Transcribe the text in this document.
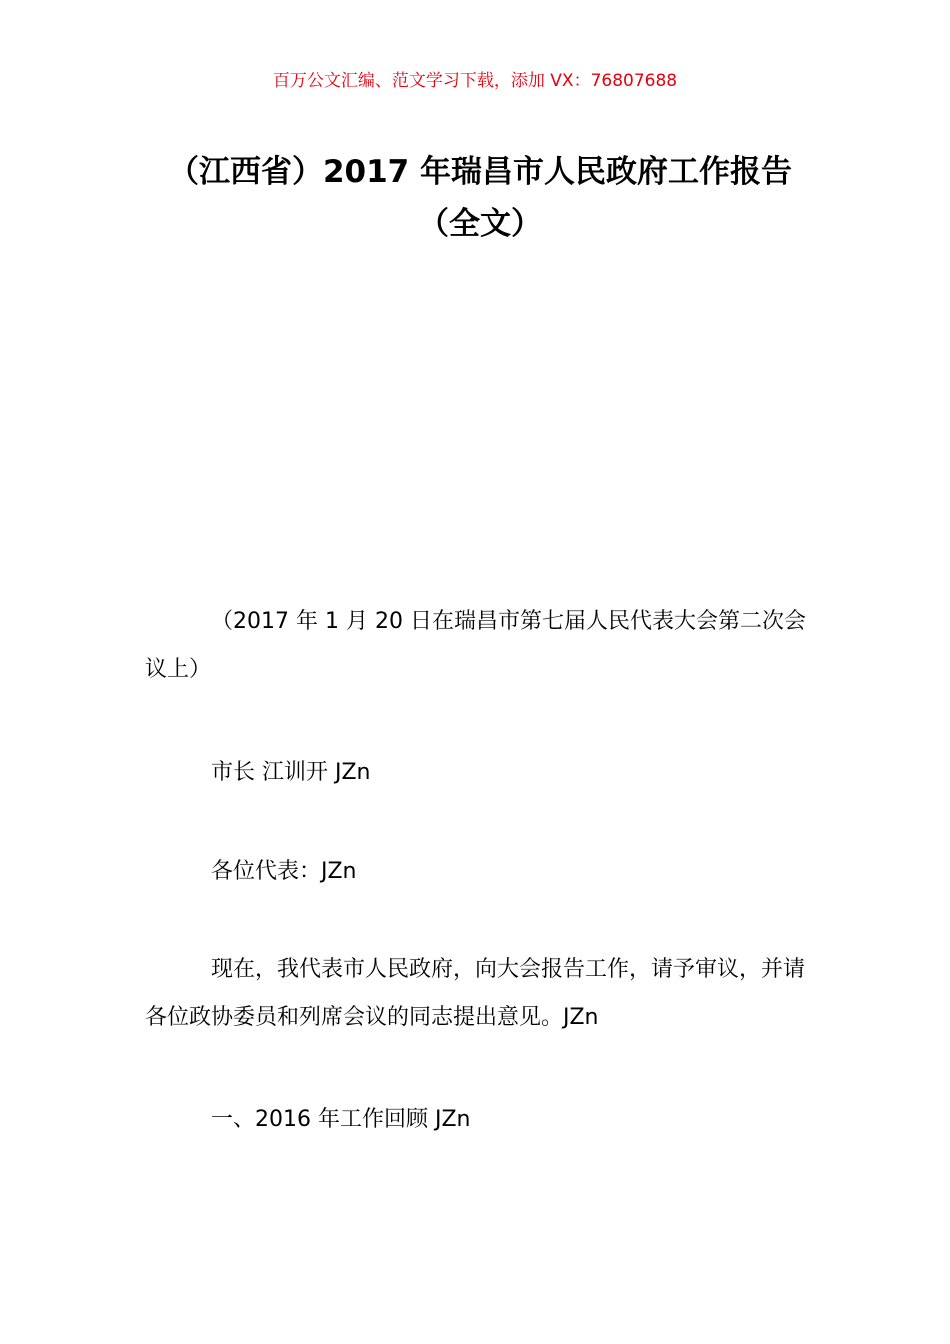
百万公文汇编、范文学习下载，添加 VX：76807688
（江西省）2017 年瑞昌市人民政府工作报告（全文）

（2017 年 1 月 20 日在瑞昌市第七届人民代表大会第二次会议上）

市长 江训开 JZn

各位代表：JZn

现在，我代表市人民政府，向大会报告工作，请予审议，并请各位政协委员和列席会议的同志提出意见。JZn

一、2016 年工作回顾 JZn
